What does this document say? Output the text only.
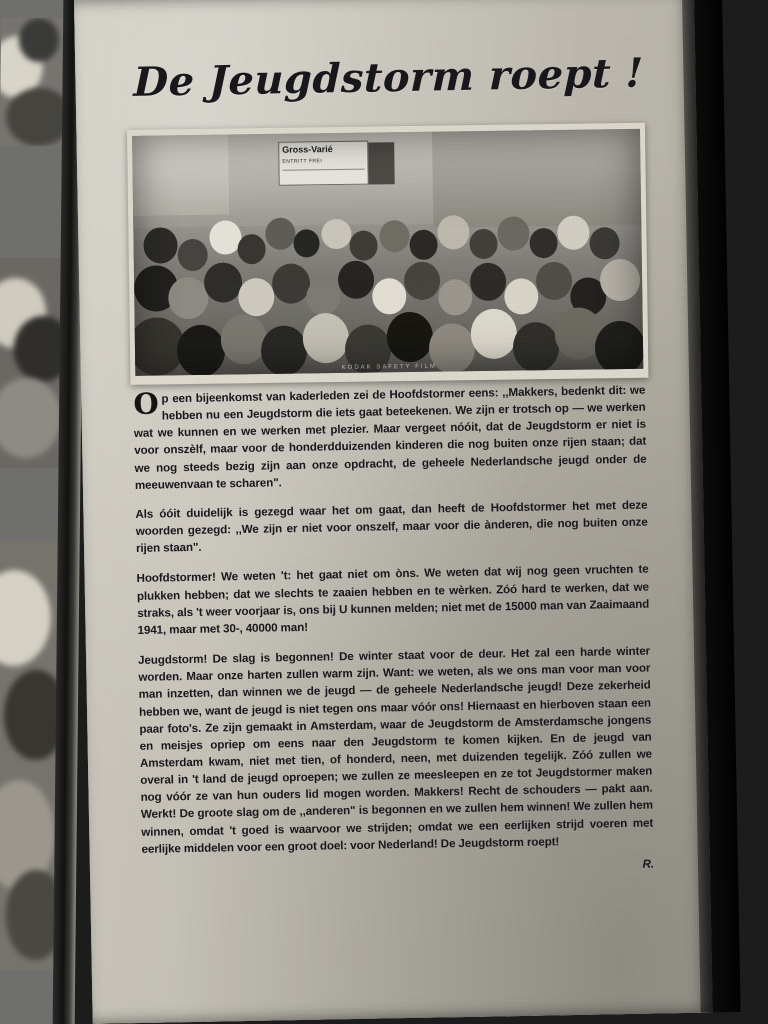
De Jeugdstorm roept !
Gross-Varié
ENTRITT FREI
KODAK SAFETY FILM

Op een bijeenkomst van kaderleden zei de Hoofdstormer eens: ,,Makkers, bedenkt dit: we hebben nu een Jeugdstorm die iets gaat beteekenen. We zijn er trotsch op — we werken wat we kunnen en we werken met plezier. Maar vergeet nóóit, dat de Jeugdstorm er niet is voor onszèlf, maar voor de honderdduizenden kinderen die nog buiten onze rijen staan; dat we nog steeds bezig zijn aan onze opdracht, de geheele Nederlandsche jeugd onder de meeuwenvaan te scharen".

Als óóit duidelijk is gezegd waar het om gaat, dan heeft de Hoofdstormer het met deze woorden gezegd: ,,We zijn er niet voor onszelf, maar voor die ànderen, die nog buiten onze rijen staan".

Hoofdstormer! We weten 't: het gaat niet om òns. We weten dat wij nog geen vruchten te plukken hebben; dat we slechts te zaaien hebben en te wèrken. Zóó hard te werken, dat we straks, als 't weer voorjaar is, ons bij U kunnen melden; niet met de 15000 man van Zaaimaand 1941, maar met 30-, 40000 man!

Jeugdstorm! De slag is begonnen! De winter staat voor de deur. Het zal een harde winter worden. Maar onze harten zullen warm zijn. Want: we weten, als we ons man voor man voor man inzetten, dan winnen we de jeugd — de geheele Nederlandsche jeugd! Deze zekerheid hebben we, want de jeugd is niet tegen ons maar vóór ons! Hiernaast en hierboven staan een paar foto's. Ze zijn gemaakt in Amsterdam, waar de Jeugdstorm de Amsterdamsche jongens en meisjes opriep om eens naar den Jeugdstorm te komen kijken. En de jeugd van Amsterdam kwam, niet met tien, of honderd, neen, met duizenden tegelijk. Zóó zullen we overal in 't land de jeugd oproepen; we zullen ze meesleepen en ze tot Jeugdstormer maken nog vóór ze van hun ouders lid mogen worden. Makkers! Recht de schouders — pakt aan. Werkt! De groote slag om de ,,anderen" is begonnen en we zullen hem winnen! We zullen hem winnen, omdat 't goed is waarvoor we strijden; omdat we een eerlijken strijd voeren met eerlijke middelen voor een groot doel: voor Nederland! De Jeugdstorm roept!

R.
